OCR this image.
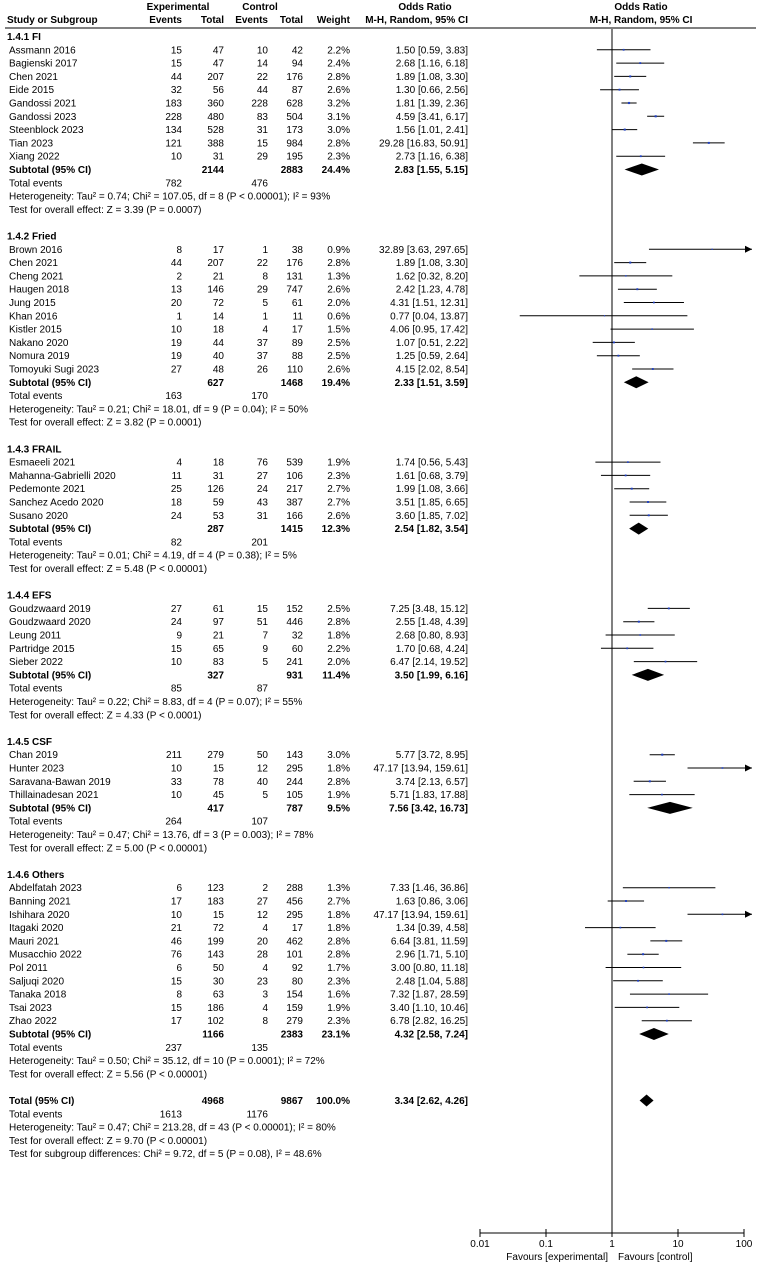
Experimental	Control	Odds Ratio	Odds Ratio
Study or Subgroup	Events Total Events Total Weight M-H, Random, 95% CI	M-H, Random, 95% CI
1.4.1 FI
Assmann 2016	15	47	10 42 2.2%	1.50 [0.59, 3.83]
Bagienski 2017	15	47	14 94 2.4%	2.68 [1.16, 6.18]
Chen 2021	44	207	22 176 2.8%	1.89 [1.08, 3.30]
Eide 2015	32	56	44 87 2.6%	1.30 [0.66, 2.56]
Gandossi 2021	183	360	228 628 3.2%	1.81 [1.39, 2.36]
Gandossi 2023	228	480	83 504 3.1%	4.59 [3.41, 6.17]
Steenblock 2023	134	528	31 173 3.0%	1.56 [1.01, 2.41]
Tian 2023	121	388	15 984 2.8%	29.28 [16.83, 50.91]
Xiang 2022	10	31	29 195 2.3%	2.73 [1.16, 6.38]
Subtotal (95% CI)	2144	2883 24.4%	2.83 [1.55, 5.15]
Total events	782	476
Heterogeneity: Tau² = 0.74; Chi² = 107.05, df = 8 (P < 0.00001); I² = 93%
Test for overall effect: Z = 3.39 (P = 0.0007)
1.4.2 Fried
Brown 2016	8	17	1 38 0.9%	32.89 [3.63, 297.65]
Chen 2021	44	207	22 176 2.8%	1.89 [1.08, 3.30]
Cheng 2021	2	21	8 131 1.3%	1.62 [0.32, 8.20]
Haugen 2018	13	146	29 747 2.6%	2.42 [1.23, 4.78]
Jung 2015	20	72	5 61 2.0%	4.31 [1.51, 12.31]
Khan 2016	1	14	1 11 0.6%	0.77 [0.04, 13.87]
Kistler 2015	10	18	4 17 1.5%	4.06 [0.95, 17.42]
Nakano 2020	19	44	37 89 2.5%	1.07 [0.51, 2.22]
Nomura 2019	19	40	37 88 2.5%	1.25 [0.59, 2.64]
Tomoyuki Sugi 2023	27	48	26 110 2.6%	4.15 [2.02, 8.54]
Subtotal (95% CI)	627	1468 19.4%	2.33 [1.51, 3.59]
Total events	163	170
Heterogeneity: Tau² = 0.21; Chi² = 18.01, df = 9 (P = 0.04); I² = 50%
Test for overall effect: Z = 3.82 (P = 0.0001)
1.4.3 FRAIL
Esmaeeli 2021	4	18	76 539 1.9%	1.74 [0.56, 5.43]
Mahanna-Gabrielli 2020	11	31	27 106 2.3%	1.61 [0.68, 3.79]
Pedemonte 2021	25	126	24 217 2.7%	1.99 [1.08, 3.66]
Sanchez Acedo 2020	18	59	43 387 2.7%	3.51 [1.85, 6.65]
Susano 2020	24	53	31 166 2.6%	3.60 [1.85, 7.02]
Subtotal (95% CI)	287	1415 12.3%	2.54 [1.82, 3.54]
Total events	82	201
Heterogeneity: Tau² = 0.01; Chi² = 4.19, df = 4 (P = 0.38); I² = 5%
Test for overall effect: Z = 5.48 (P < 0.00001)
1.4.4 EFS
Goudzwaard 2019	27	61	15 152 2.5%	7.25 [3.48, 15.12]
Goudzwaard 2020	24	97	51 446 2.8%	2.55 [1.48, 4.39]
Leung 2011	9	21	7 32 1.8%	2.68 [0.80, 8.93]
Partridge 2015	15	65	9 60 2.2%	1.70 [0.68, 4.24]
Sieber 2022	10	83	5 241 2.0%	6.47 [2.14, 19.52]
Subtotal (95% CI)	327	931 11.4%	3.50 [1.99, 6.16]
Total events	85	87
Heterogeneity: Tau² = 0.22; Chi² = 8.83, df = 4 (P = 0.07); I² = 55%
Test for overall effect: Z = 4.33 (P < 0.0001)
1.4.5 CSF
Chan 2019	211	279	50 143 3.0%	5.77 [3.72, 8.95]
Hunter 2023	10	15	12 295 1.8% 47.17 [13.94, 159.61]
Saravana-Bawan 2019	33	78	40 244 2.8%	3.74 [2.13, 6.57]
Thillainadesan 2021	10	45	5 105 1.9%	5.71 [1.83, 17.88]
Subtotal (95% CI)	417	787 9.5%	7.56 [3.42, 16.73]
Total events	264	107
Heterogeneity: Tau² = 0.47; Chi² = 13.76, df = 3 (P = 0.003); I² = 78%
Test for overall effect: Z = 5.00 (P < 0.00001)
1.4.6 Others
Abdelfatah 2023	6	123	2 288 1.3%	7.33 [1.46, 36.86]
Banning 2021	17	183	27 456 2.7%	1.63 [0.86, 3.06]
Ishihara 2020	10	15	12 295 1.8% 47.17 [13.94, 159.61]
Itagaki 2020	21	72	4 17 1.8%	1.34 [0.39, 4.58]
Mauri 2021	46	199	20 462 2.8%	6.64 [3.81, 11.59]
Musacchio 2022	76	143	28 101 2.8%	2.96 [1.71, 5.10]
Pol 2011	6	50	4 92 1.7%	3.00 [0.80, 11.18]
Saljuqi 2020	15	30	23 80 2.3%	2.48 [1.04, 5.88]
Tanaka 2018	8	63	3 154 1.6%	7.32 [1.87, 28.59]
Tsai 2023	15	186	4 159 1.9%	3.40 [1.10, 10.46]
Zhao 2022	17	102	8 279 2.3%	6.78 [2.82, 16.25]
Subtotal (95% CI)	1166	2383 23.1%	4.32 [2.58, 7.24]
Total events	237	135
Heterogeneity: Tau² = 0.50; Chi² = 35.12, df = 10 (P = 0.0001); I² = 72%
Test for overall effect: Z = 5.56 (P < 0.00001)
Total (95% CI)	4968	9867 100.0%	3.34 [2.62, 4.26]
Total events	1613	1176
Heterogeneity: Tau² = 0.47; Chi² = 213.28, df = 43 (P < 0.00001); I² = 80%
Test for overall effect: Z = 9.70 (P < 0.00001)
Test for subgroup differences: Chi² = 9.72, df = 5 (P = 0.08), I² = 48.6%
0.01	0.1	1	10	100
Favours [experimental] Favours [control]
